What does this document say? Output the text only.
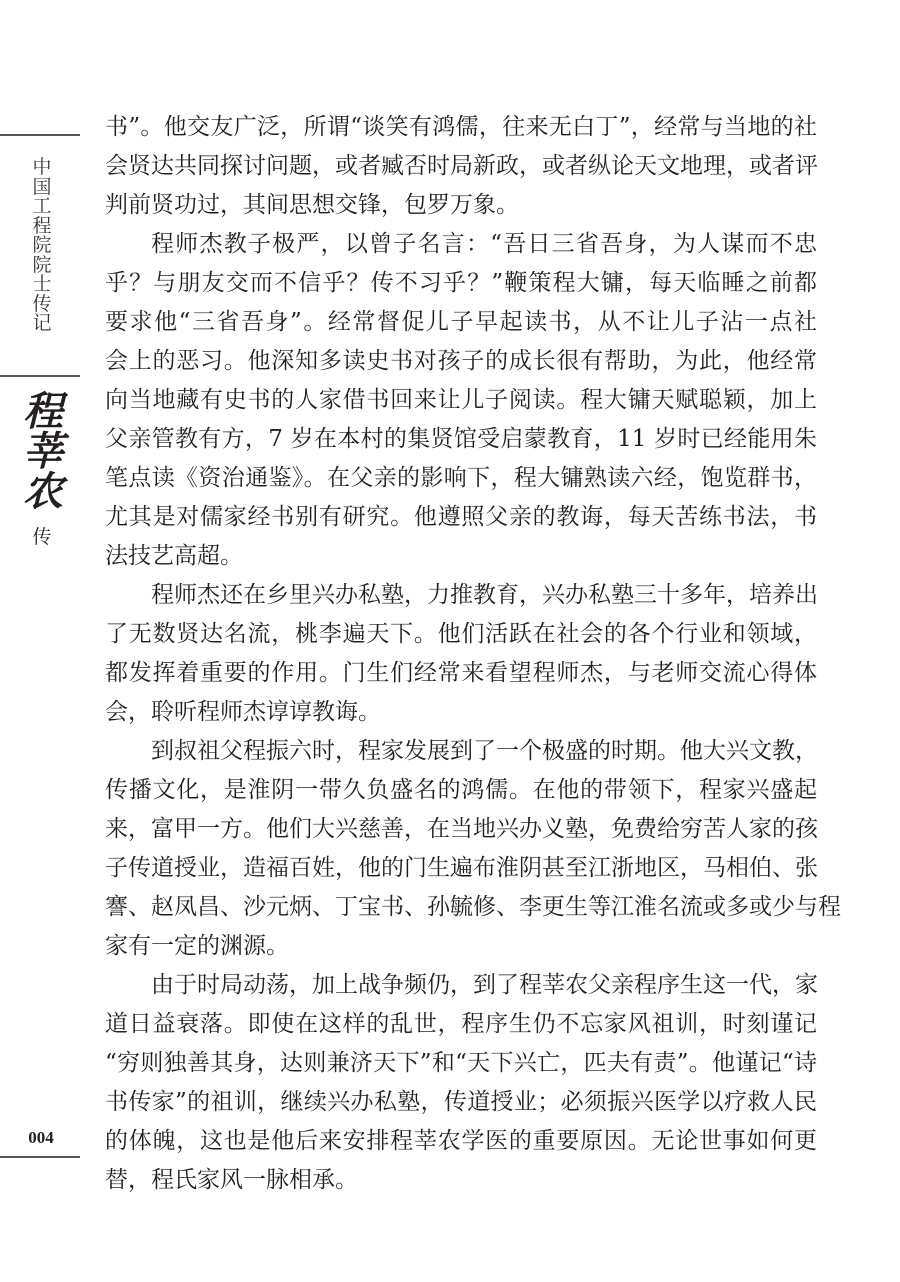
中
国
工
程
院
院
士
传
记
程
莘
农
传
004
书”。他交友广泛，所谓“谈笑有鸿儒，往来无白丁”，经常与当地的社
会贤达共同探讨问题，或者臧否时局新政，或者纵论天文地理，或者评
判前贤功过，其间思想交锋，包罗万象。
程师杰教子极严，以曾子名言：“吾日三省吾身，为人谋而不忠
乎？与朋友交而不信乎？传不习乎？”鞭策程大镛，每天临睡之前都
要求他“三省吾身”。经常督促儿子早起读书，从不让儿子沾一点社
会上的恶习。他深知多读史书对孩子的成长很有帮助，为此，他经常
向当地藏有史书的人家借书回来让儿子阅读。程大镛天赋聪颖，加上
父亲管教有方，7 岁在本村的集贤馆受启蒙教育，11 岁时已经能用朱
笔点读《资治通鉴》。在父亲的影响下，程大镛熟读六经，饱览群书，
尤其是对儒家经书别有研究。他遵照父亲的教诲，每天苦练书法，书
法技艺高超。
程师杰还在乡里兴办私塾，力推教育，兴办私塾三十多年，培养出
了无数贤达名流，桃李遍天下。他们活跃在社会的各个行业和领域，
都发挥着重要的作用。门生们经常来看望程师杰，与老师交流心得体
会，聆听程师杰谆谆教诲。
到叔祖父程振六时，程家发展到了一个极盛的时期。他大兴文教，
传播文化，是淮阴一带久负盛名的鸿儒。在他的带领下，程家兴盛起
来，富甲一方。他们大兴慈善，在当地兴办义塾，免费给穷苦人家的孩
子传道授业，造福百姓，他的门生遍布淮阴甚至江浙地区，马相伯、张
謇、赵凤昌、沙元炳、丁宝书、孙毓修、李更生等江淮名流或多或少与程
家有一定的渊源。
由于时局动荡，加上战争频仍，到了程莘农父亲程序生这一代，家
道日益衰落。即使在这样的乱世，程序生仍不忘家风祖训，时刻谨记
“穷则独善其身，达则兼济天下”和“天下兴亡，匹夫有责”。他谨记“诗
书传家”的祖训，继续兴办私塾，传道授业；必须振兴医学以疗救人民
的体魄，这也是他后来安排程莘农学医的重要原因。无论世事如何更
替，程氏家风一脉相承。
